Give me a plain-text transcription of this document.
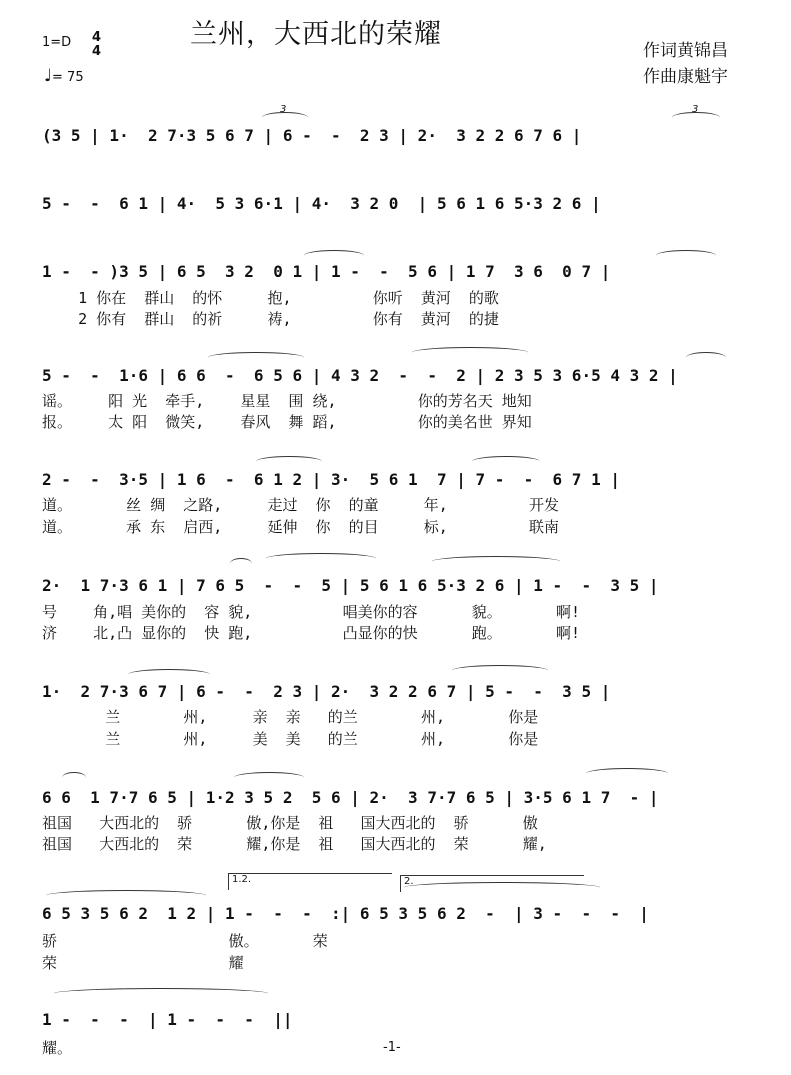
兰州，大西北的荣耀
作词黄锦昌
作曲康魁宇
1=D 4
4
♩= 75
(3 5 | 1·  2 7·3 5 6 7 | 6 -  -  2 3 | 2·  3 2 2 6 7 6 |
3	3
5 -  -  6 1 | 4·  5 3 6·1 | 4·  3 2 0  | 5 6 1 6 5·3 2 6 |
1 -  - )3 5 | 6 5  3 2  0 1 | 1 -  -  5 6 | 1 7  3 6  0 7 |
1 你在  群山  的怀     抱,         你听  黄河  的歌
2 你有  群山  的祈     祷,         你有  黄河  的捷
5 -  -  1·6 | 6 6  -  6 5 6 | 4 3 2  -  -  2 | 2 3 5 3 6·5 4 3 2 |
谣。    阳 光  牵手,    星星  围 绕,         你的芳名天 地知
报。    太 阳  微笑,    春风  舞 蹈,         你的美名世 界知
2 -  -  3·5 | 1 6  -  6 1 2 | 3·  5 6 1  7 | 7 -  -  6 7 1 |
道。      丝 绸  之路,     走过  你  的童     年,         开发
道。      承 东  启西,     延伸  你  的目     标,         联南
2·  1 7·3 6 1 | 7 6 5  -  -  5 | 5 6 1 6 5·3 2 6 | 1 -  -  3 5 |
号    角,唱 美你的  容 貌,          唱美你的容      貌。      啊!
济    北,凸 显你的  快 跑,          凸显你的快      跑。      啊!
1·  2 7·3 6 7 | 6 -  -  2 3 | 2·  3 2 2 6 7 | 5 -  -  3 5 |
兰       州,     亲  亲   的兰       州,       你是
兰       州,     美  美   的兰       州,       你是
6 6  1 7·7 6 5 | 1·2 3 5 2  5 6 | 2·  3 7·7 6 5 | 3·5 6 1 7  - |
祖国   大西北的  骄      傲,你是  祖   国大西北的  骄      傲
祖国   大西北的  荣      耀,你是  祖   国大西北的  荣      耀,
1.2.	2.
6 5 3 5 6 2  1 2 | 1 -  -  -  :| 6 5 3 5 6 2  -  | 3 -  -  -  |
骄                   傲。      荣
荣                   耀
1 -  -  -  | 1 -  -  -  ||
耀。	-1-
